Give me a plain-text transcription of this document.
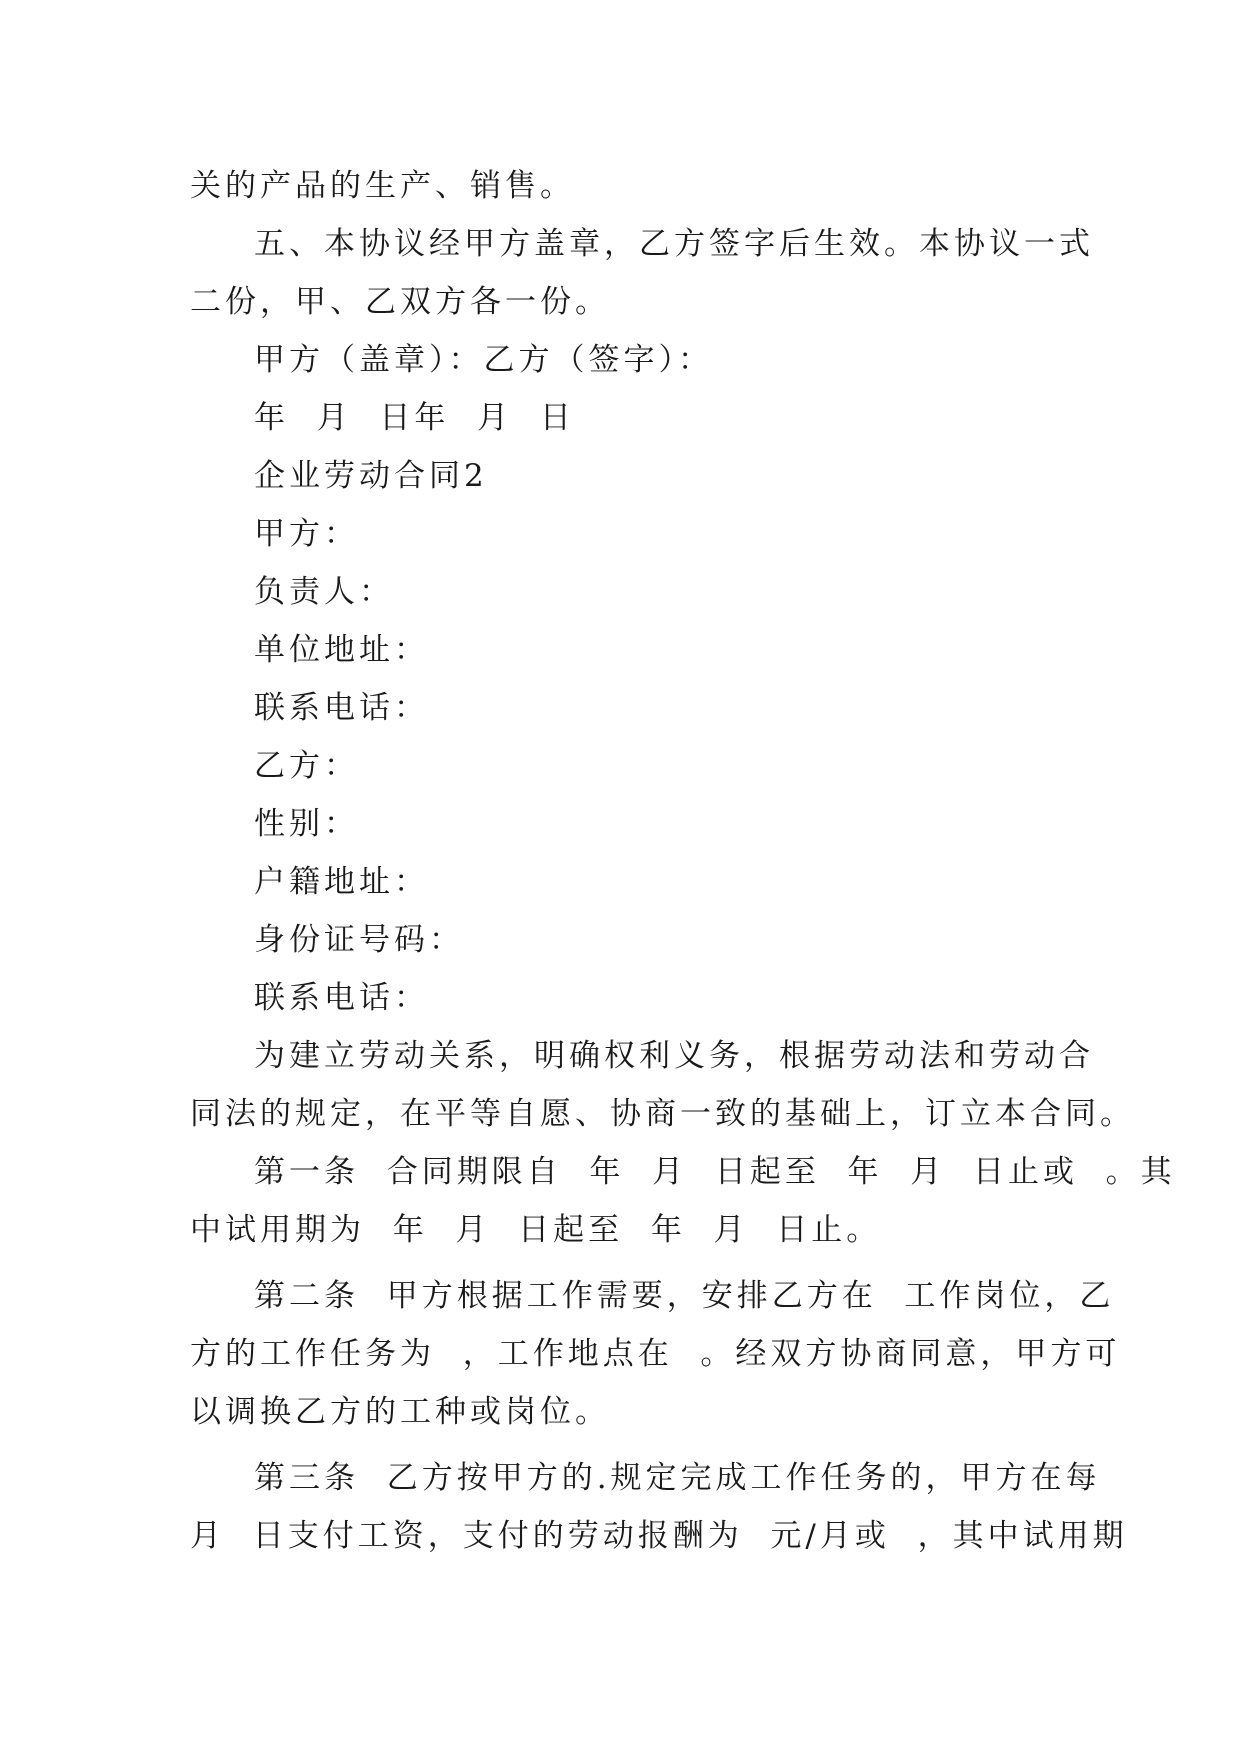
关的产品的生产、销售。
五、本协议经甲方盖章，乙方签字后生效。本协议一式
二份，甲、乙双方各一份。
甲方（盖章）：乙方（签字）：
年  月  日年  月  日
企业劳动合同2
甲方：
负责人：
单位地址：
联系电话：
乙方：
性别：
户籍地址：
身份证号码：
联系电话：
为建立劳动关系，明确权利义务，根据劳动法和劳动合
同法的规定，在平等自愿、协商一致的基础上，订立本合同。
第一条  合同期限自  年  月  日起至  年  月  日止或  。其
中试用期为  年  月  日起至  年  月  日止。
第二条  甲方根据工作需要，安排乙方在  工作岗位，乙
方的工作任务为  ，工作地点在  。经双方协商同意，甲方可
以调换乙方的工种或岗位。
第三条  乙方按甲方的.规定完成工作任务的，甲方在每
月  日支付工资，支付的劳动报酬为  元/月或  ，其中试用期
